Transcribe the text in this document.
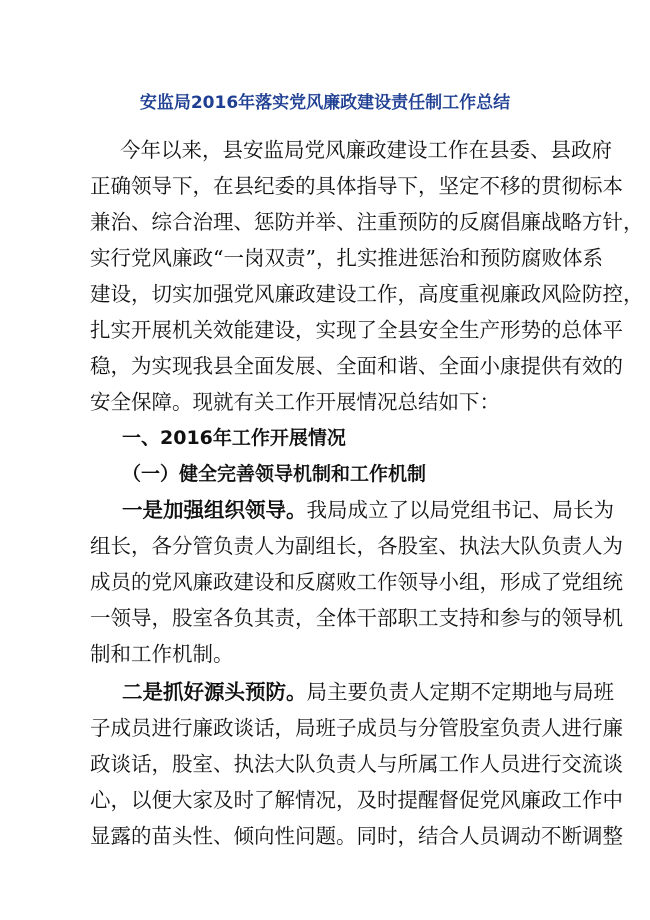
安监局2016年落实党风廉政建设责任制工作总结
今年以来，县安监局党风廉政建设工作在县委、县政府
正确领导下，在县纪委的具体指导下，坚定不移的贯彻标本
兼治、综合治理、惩防并举、注重预防的反腐倡廉战略方针，
实行党风廉政“一岗双责”，扎实推进惩治和预防腐败体系
建设，切实加强党风廉政建设工作，高度重视廉政风险防控，
扎实开展机关效能建设，实现了全县安全生产形势的总体平
稳，为实现我县全面发展、全面和谐、全面小康提供有效的
安全保障。现就有关工作开展情况总结如下：
一、2016年工作开展情况
（一）健全完善领导机制和工作机制
一是加强组织领导。我局成立了以局党组书记、局长为
组长，各分管负责人为副组长，各股室、执法大队负责人为
成员的党风廉政建设和反腐败工作领导小组，形成了党组统
一领导，股室各负其责，全体干部职工支持和参与的领导机
制和工作机制。
二是抓好源头预防。局主要负责人定期不定期地与局班
子成员进行廉政谈话，局班子成员与分管股室负责人进行廉
政谈话，股室、执法大队负责人与所属工作人员进行交流谈
心，以便大家及时了解情况，及时提醒督促党风廉政工作中
显露的苗头性、倾向性问题。同时，结合人员调动不断调整
